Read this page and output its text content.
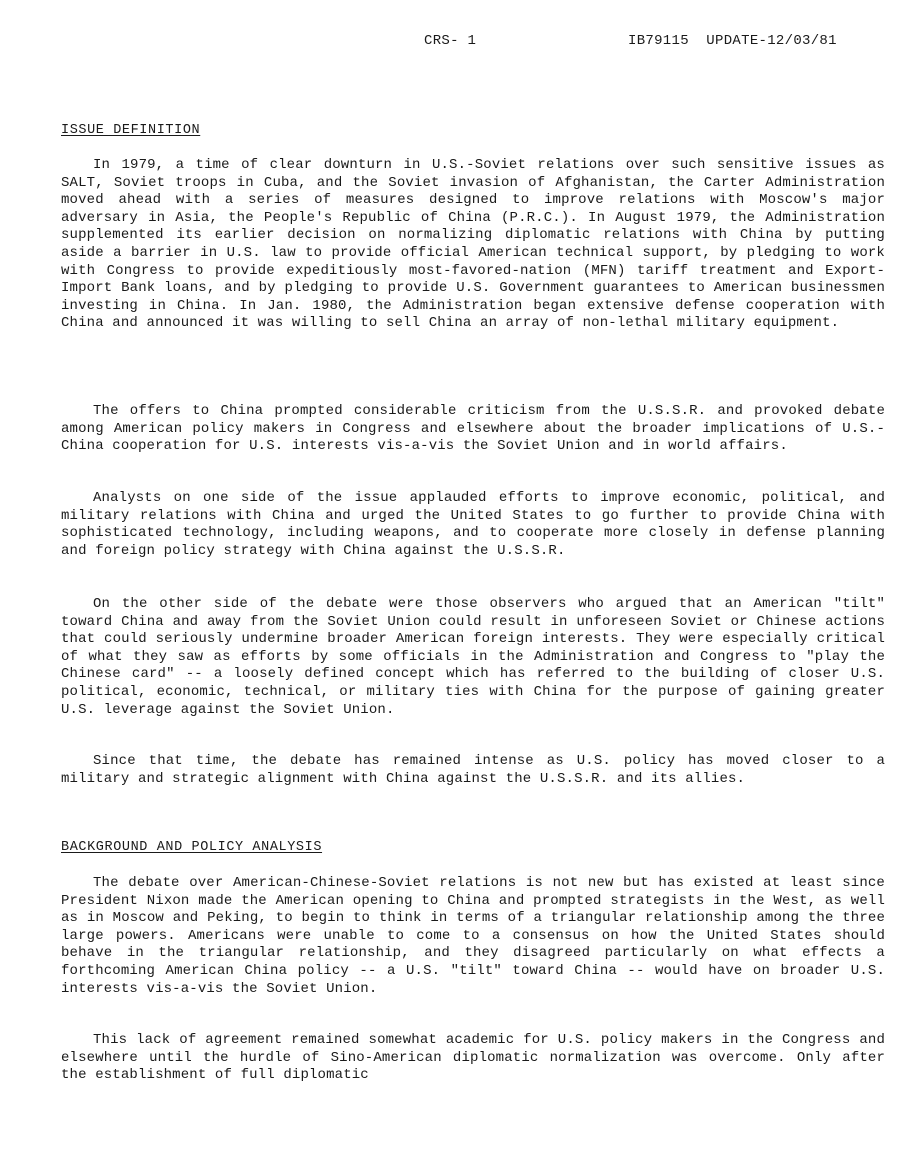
CRS- 1	IB79115  UPDATE-12/03/81
ISSUE DEFINITION

In 1979, a time of clear downturn in U.S.-Soviet relations over such sensitive issues as SALT, Soviet troops in Cuba, and the Soviet invasion of Afghanistan, the Carter Administration moved ahead with a series of measures designed to improve relations with Moscow's major adversary in Asia, the People's Republic of China (P.R.C.). In August 1979, the Administration supplemented its earlier decision on normalizing diplomatic relations with China by putting aside a barrier in U.S. law to provide official American technical support, by pledging to work with Congress to provide expeditiously most-favored-nation (MFN) tariff treatment and Export-Import Bank loans, and by pledging to provide U.S. Government guarantees to American businessmen investing in China. In Jan. 1980, the Administration began extensive defense cooperation with China and announced it was willing to sell China an array of non-lethal military equipment.

The offers to China prompted considerable criticism from the U.S.S.R. and provoked debate among American policy makers in Congress and elsewhere about the broader implications of U.S.-China cooperation for U.S. interests vis-a-vis the Soviet Union and in world affairs.

Analysts on one side of the issue applauded efforts to improve economic, political, and military relations with China and urged the United States to go further to provide China with sophisticated technology, including weapons, and to cooperate more closely in defense planning and foreign policy strategy with China against the U.S.S.R.

On the other side of the debate were those observers who argued that an American "tilt" toward China and away from the Soviet Union could result in unforeseen Soviet or Chinese actions that could seriously undermine broader American foreign interests. They were especially critical of what they saw as efforts by some officials in the Administration and Congress to "play the Chinese card" -- a loosely defined concept which has referred to the building of closer U.S. political, economic, technical, or military ties with China for the purpose of gaining greater U.S. leverage against the Soviet Union.

Since that time, the debate has remained intense as U.S. policy has moved closer to a military and strategic alignment with China against the U.S.S.R. and its allies.

BACKGROUND AND POLICY ANALYSIS

The debate over American-Chinese-Soviet relations is not new but has existed at least since President Nixon made the American opening to China and prompted strategists in the West, as well as in Moscow and Peking, to begin to think in terms of a triangular relationship among the three large powers. Americans were unable to come to a consensus on how the United States should behave in the triangular relationship, and they disagreed particularly on what effects a forthcoming American China policy -- a U.S. "tilt" toward China -- would have on broader U.S. interests vis-a-vis the Soviet Union.

This lack of agreement remained somewhat academic for U.S. policy makers in the Congress and elsewhere until the hurdle of Sino-American diplomatic normalization was overcome. Only after the establishment of full diplomatic
